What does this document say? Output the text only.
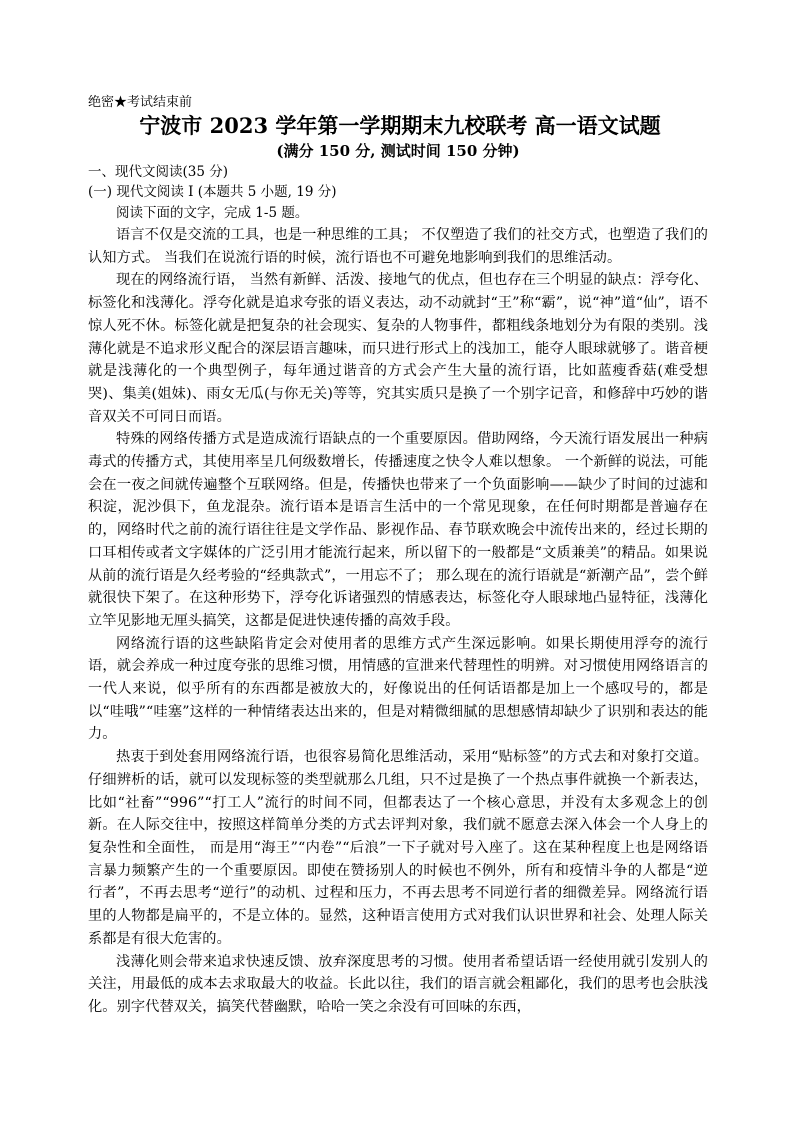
绝密★考试结束前

宁波市 2023 学年第一学期期末九校联考 高一语文试题

(满分 150 分, 测试时间 150 分钟)

一、现代文阅读(35 分)

(一) 现代文阅读 Ⅰ (本题共 5 小题, 19 分)

阅读下面的文字，完成 1-5 题。

语言不仅是交流的工具，也是一种思维的工具； 不仅塑造了我们的社交方式，也塑造了我们的认知方式。 当我们在说流行语的时候，流行语也不可避免地影响到我们的思维活动。

现在的网络流行语， 当然有新鲜、活泼、接地气的优点，但也存在三个明显的缺点：浮夸化、标签化和浅薄化。浮夸化就是追求夸张的语义表达，动不动就封“王”称“霸”，说“神”道“仙”，语不惊人死不休。标签化就是把复杂的社会现实、复杂的人物事件，都粗线条地划分为有限的类别。浅薄化就是不追求形义配合的深层语言趣味，而只进行形式上的浅加工，能夺人眼球就够了。谐音梗就是浅薄化的一个典型例子，每年通过谐音的方式会产生大量的流行语，比如蓝瘦香菇(难受想哭)、集美(姐妹)、雨女无瓜(与你无关)等等，究其实质只是换了一个别字记音，和修辞中巧妙的谐音双关不可同日而语。

特殊的网络传播方式是造成流行语缺点的一个重要原因。借助网络，今天流行语发展出一种病毒式的传播方式，其使用率呈几何级数增长，传播速度之快令人难以想象。 一个新鲜的说法，可能会在一夜之间就传遍整个互联网络。但是，传播快也带来了一个负面影响——缺少了时间的过滤和积淀，泥沙俱下，鱼龙混杂。流行语本是语言生活中的一个常见现象，在任何时期都是普遍存在的，网络时代之前的流行语往往是文学作品、影视作品、春节联欢晚会中流传出来的，经过长期的口耳相传或者文字媒体的广泛引用才能流行起来，所以留下的一般都是“文质兼美”的精品。如果说从前的流行语是久经考验的“经典款式”，一用忘不了； 那么现在的流行语就是“新潮产品”，尝个鲜就很快下架了。在这种形势下，浮夸化诉诸强烈的情感表达，标签化夺人眼球地凸显特征，浅薄化立竿见影地无厘头搞笑，这都是促进快速传播的高效手段。

网络流行语的这些缺陷肯定会对使用者的思维方式产生深远影响。如果长期使用浮夸的流行语，就会养成一种过度夸张的思维习惯，用情感的宣泄来代替理性的明辨。对习惯使用网络语言的一代人来说，似乎所有的东西都是被放大的，好像说出的任何话语都是加上一个感叹号的，都是以“哇哦”“哇塞”这样的一种情绪表达出来的，但是对精微细腻的思想感情却缺少了识别和表达的能力。

热衷于到处套用网络流行语，也很容易简化思维活动，采用“贴标签”的方式去和对象打交道。仔细辨析的话，就可以发现标签的类型就那么几组，只不过是换了一个热点事件就换一个新表达，比如“社畜”“996”“打工人”流行的时间不同，但都表达了一个核心意思，并没有太多观念上的创新。在人际交往中，按照这样简单分类的方式去评判对象，我们就不愿意去深入体会一个人身上的复杂性和全面性， 而是用“海王”“内卷”“后浪”一下子就对号入座了。这在某种程度上也是网络语言暴力频繁产生的一个重要原因。即使在赞扬别人的时候也不例外，所有和疫情斗争的人都是“逆行者”，不再去思考“逆行”的动机、过程和压力，不再去思考不同逆行者的细微差异。网络流行语里的人物都是扁平的，不是立体的。显然，这种语言使用方式对我们认识世界和社会、处理人际关系都是有很大危害的。

浅薄化则会带来追求快速反馈、放弃深度思考的习惯。使用者希望话语一经使用就引发别人的关注，用最低的成本去求取最大的收益。长此以往，我们的语言就会粗鄙化，我们的思考也会肤浅化。别字代替双关，搞笑代替幽默，哈哈一笑之余没有可回味的东西，
